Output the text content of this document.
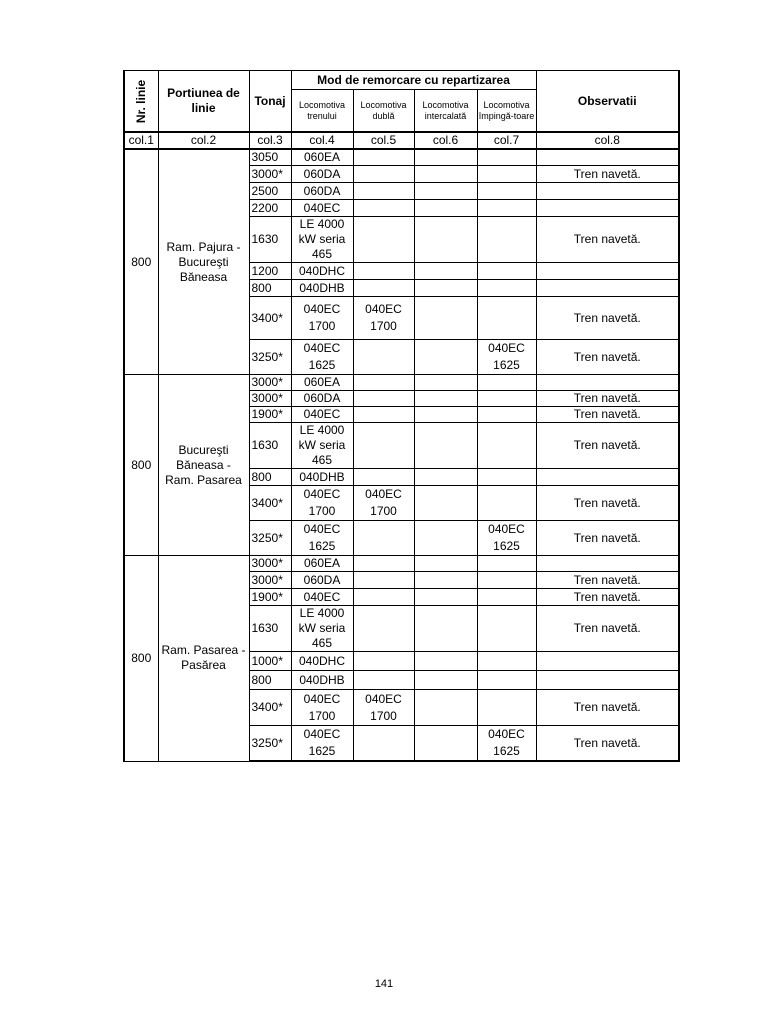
Nr. linie	Portiunea de linie	Tonaj	Mod de remorcare cu repartizarea				Observatii
			Locomotiva trenului	Locomotiva dublă	Locomotiva intercalată	Locomotiva împingă-toare	
col.1	col.2	col.3	col.4	col.5	col.6	col.7	col.8
800	Ram. Pajura - Bucureşti Băneasa	3050	060EA				
		3000*	060DA				Tren navetă.
		2500	060DA				
		2200	040EC				
		1630	LE 4000 kW seria 465				Tren navetă.
		1200	040DHC				
		800	040DHB				
		3400*	040EC 1700	040EC 1700			Tren navetă.
		3250*	040EC 1625			040EC 1625	Tren navetă.
800	Bucureşti Băneasa - Ram. Pasarea	3000*	060EA				
		3000*	060DA				Tren navetă.
		1900*	040EC				Tren navetă.
		1630	LE 4000 kW seria 465				Tren navetă.
		800	040DHB				
		3400*	040EC 1700	040EC 1700			Tren navetă.
		3250*	040EC 1625			040EC 1625	Tren navetă.
800	Ram. Pasarea - Pasărea	3000*	060EA				
		3000*	060DA				Tren navetă.
		1900*	040EC				Tren navetă.
		1630	LE 4000 kW seria 465				Tren navetă.
		1000*	040DHC				
		800	040DHB				
		3400*	040EC 1700	040EC 1700			Tren navetă.
		3250*	040EC 1625			040EC 1625	Tren navetă.
141
